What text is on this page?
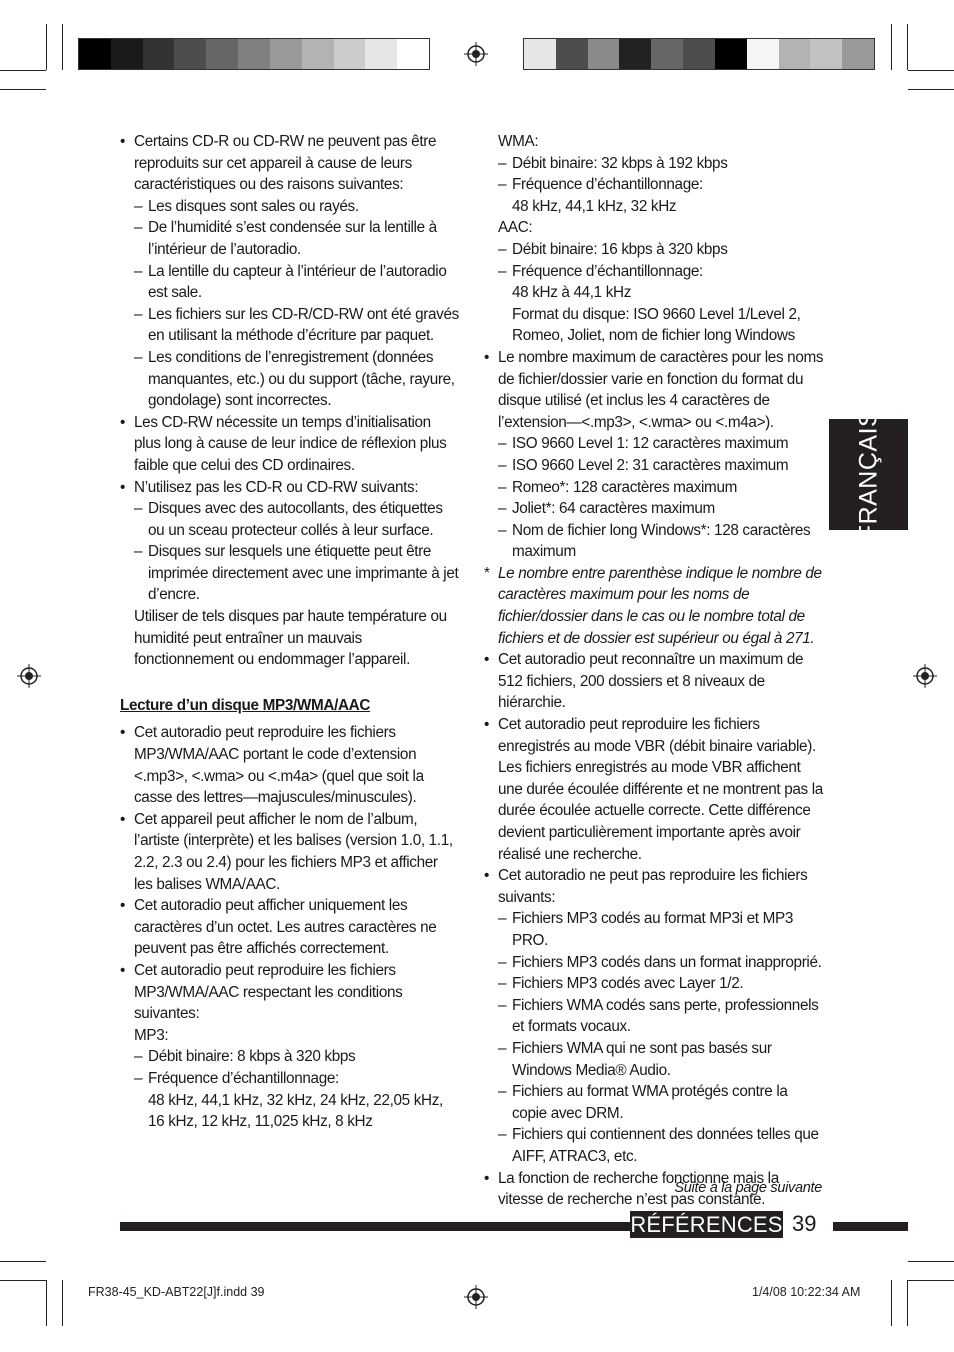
• Certains CD-R ou CD-RW ne peuvent pas être reproduits sur cet appareil à cause de leurs caractéristiques ou des raisons suivantes:

– Les disques sont sales ou rayés.

– De l’humidité s’est condensée sur la lentille à l’intérieur de l’autoradio.

– La lentille du capteur à l’intérieur de l’autoradio est sale.

– Les fichiers sur les CD-R/CD-RW ont été gravés en utilisant la méthode d’écriture par paquet.

– Les conditions de l’enregistrement (données manquantes, etc.) ou du support (tâche, rayure, gondolage) sont incorrectes.

• Les CD-RW nécessite un temps d’initialisation plus long à cause de leur indice de réflexion plus faible que celui des CD ordinaires.

• N’utilisez pas les CD-R ou CD-RW suivants:

– Disques avec des autocollants, des étiquettes ou un sceau protecteur collés à leur surface.

– Disques sur lesquels une étiquette peut être imprimée directement avec une imprimante à jet d’encre.

Utiliser de tels disques par haute température ou humidité peut entraîner un mauvais fonctionnement ou endommager l’appareil.

Lecture d’un disque MP3/WMA/AAC

• Cet autoradio peut reproduire les fichiers MP3/WMA/AAC portant le code d’extension <.mp3>, <.wma> ou <.m4a> (quel que soit la casse des lettres—majuscules/minuscules).

• Cet appareil peut afficher le nom de l’album, l’artiste (interprète) et les balises (version 1.0, 1.1, 2.2, 2.3 ou 2.4) pour les fichiers MP3 et afficher les balises WMA/AAC.

• Cet autoradio peut afficher uniquement les caractères d’un octet. Les autres caractères ne peuvent pas être affichés correctement.

• Cet autoradio peut reproduire les fichiers MP3/WMA/AAC respectant les conditions suivantes:

MP3:

– Débit binaire: 8 kbps à 320 kbps

– Fréquence d’échantillonnage:

48 kHz, 44,1 kHz, 32 kHz, 24 kHz, 22,05 kHz,

16 kHz, 12 kHz, 11,025 kHz, 8 kHz

WMA:

– Débit binaire: 32 kbps à 192 kbps

– Fréquence d’échantillonnage:

48 kHz, 44,1 kHz, 32 kHz

AAC:

– Débit binaire: 16 kbps à 320 kbps

– Fréquence d’échantillonnage:

48 kHz à 44,1 kHz

Format du disque: ISO 9660 Level 1/Level 2, Romeo, Joliet, nom de fichier long Windows

• Le nombre maximum de caractères pour les noms de fichier/dossier varie en fonction du format du disque utilisé (et inclus les 4 caractères de l’extension—<.mp3>, <.wma> ou <.m4a>).

– ISO 9660 Level 1: 12 caractères maximum

– ISO 9660 Level 2: 31 caractères maximum

– Romeo*: 128 caractères maximum

– Joliet*: 64 caractères maximum

– Nom de fichier long Windows*: 128 caractères maximum

* Le nombre entre parenthèse indique le nombre de caractères maximum pour les noms de fichier/dossier dans le cas ou le nombre total de fichiers et de dossier est supérieur ou égal à 271.

• Cet autoradio peut reconnaître un maximum de 512 fichiers, 200 dossiers et 8 niveaux de hiérarchie.

• Cet autoradio peut reproduire les fichiers enregistrés au mode VBR (débit binaire variable).

Les fichiers enregistrés au mode VBR affichent une durée écoulée différente et ne montrent pas la durée écoulée actuelle correcte. Cette différence devient particulièrement importante après avoir réalisé une recherche.

• Cet autoradio ne peut pas reproduire les fichiers suivants:

– Fichiers MP3 codés au format MP3i et MP3 PRO.

– Fichiers MP3 codés dans un format inapproprié.

– Fichiers MP3 codés avec Layer 1/2.

– Fichiers WMA codés sans perte, professionnels et formats vocaux.

– Fichiers WMA qui ne sont pas basés sur Windows Media® Audio.

– Fichiers au format WMA protégés contre la copie avec DRM.

– Fichiers qui contiennent des données telles que AIFF, ATRAC3, etc.

• La fonction de recherche fonctionne mais la vitesse de recherche n’est pas constante.

FRANÇAIS
Suite à la page suivante
RÉFÉRENCES 39
FR38-45_KD-ABT22[J]f.indd 39	1/4/08 10:22:34 AM
